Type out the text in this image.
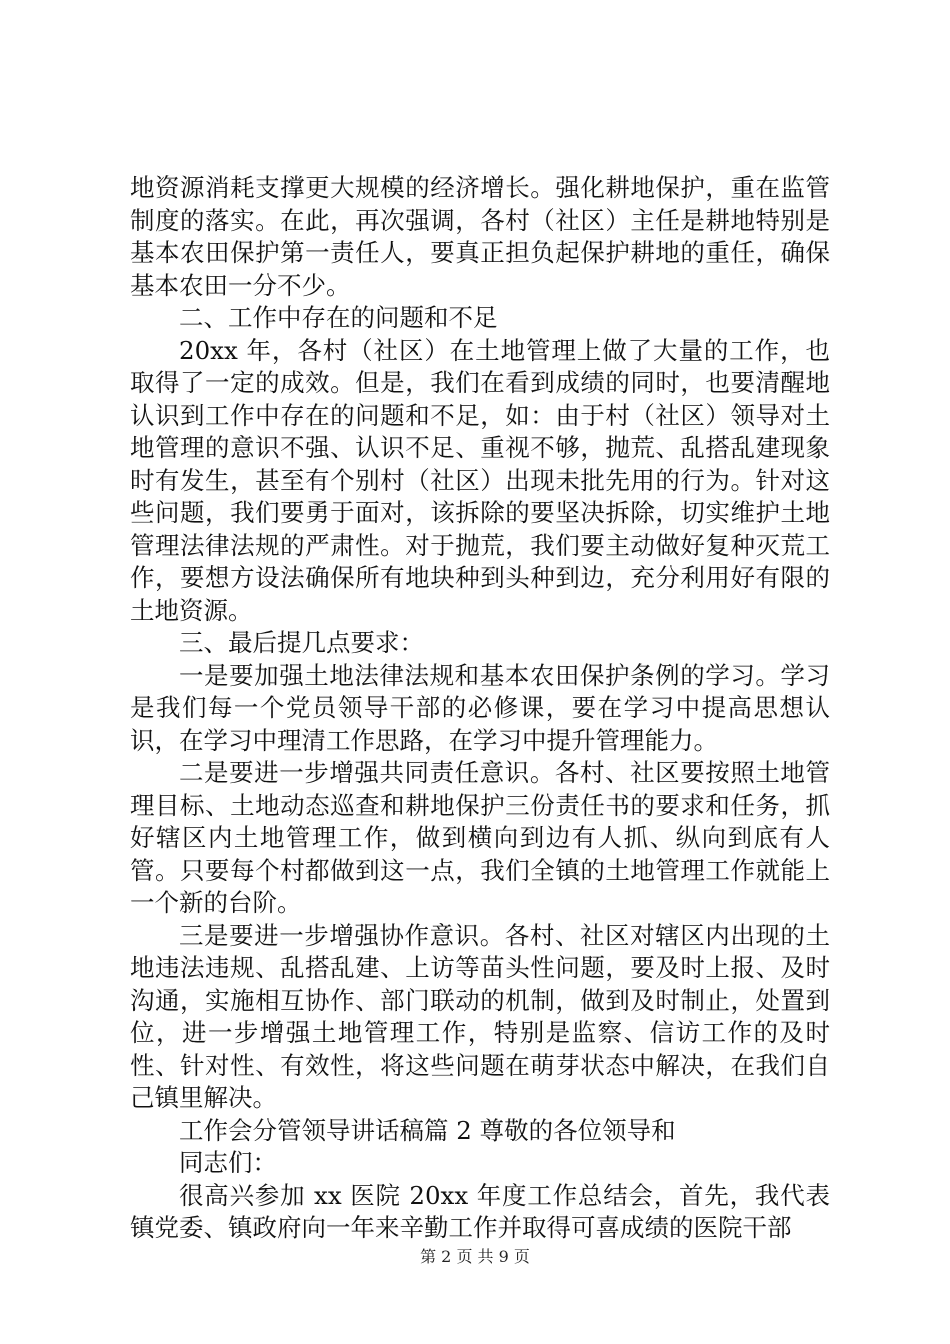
地资源消耗支撑更大规模的经济增长。强化耕地保护，重在监管制度的落实。在此，再次强调，各村（社区）主任是耕地特别是基本农田保护第一责任人，要真正担负起保护耕地的重任，确保基本农田一分不少。

二、工作中存在的问题和不足

20xx 年，各村（社区）在土地管理上做了大量的工作，也取得了一定的成效。但是，我们在看到成绩的同时，也要清醒地认识到工作中存在的问题和不足，如：由于村（社区）领导对土地管理的意识不强、认识不足、重视不够，抛荒、乱搭乱建现象时有发生，甚至有个别村（社区）出现未批先用的行为。针对这些问题，我们要勇于面对，该拆除的要坚决拆除，切实维护土地管理法律法规的严肃性。对于抛荒，我们要主动做好复种灭荒工作，要想方设法确保所有地块种到头种到边，充分利用好有限的土地资源。

三、最后提几点要求：

一是要加强土地法律法规和基本农田保护条例的学习。学习是我们每一个党员领导干部的必修课，要在学习中提高思想认识，在学习中理清工作思路，在学习中提升管理能力。

二是要进一步增强共同责任意识。各村、社区要按照土地管理目标、土地动态巡查和耕地保护三份责任书的要求和任务，抓好辖区内土地管理工作，做到横向到边有人抓、纵向到底有人管。只要每个村都做到这一点，我们全镇的土地管理工作就能上一个新的台阶。

三是要进一步增强协作意识。各村、社区对辖区内出现的土地违法违规、乱搭乱建、上访等苗头性问题，要及时上报、及时沟通，实施相互协作、部门联动的机制，做到及时制止，处置到位，进一步增强土地管理工作，特别是监察、信访工作的及时性、针对性、有效性，将这些问题在萌芽状态中解决，在我们自己镇里解决。

工作会分管领导讲话稿篇 2 尊敬的各位领导和

同志们：

很高兴参加 xx 医院 20xx 年度工作总结会，首先，我代表镇党委、镇政府向一年来辛勤工作并取得可喜成绩的医院干部

第 2 页 共 9 页
